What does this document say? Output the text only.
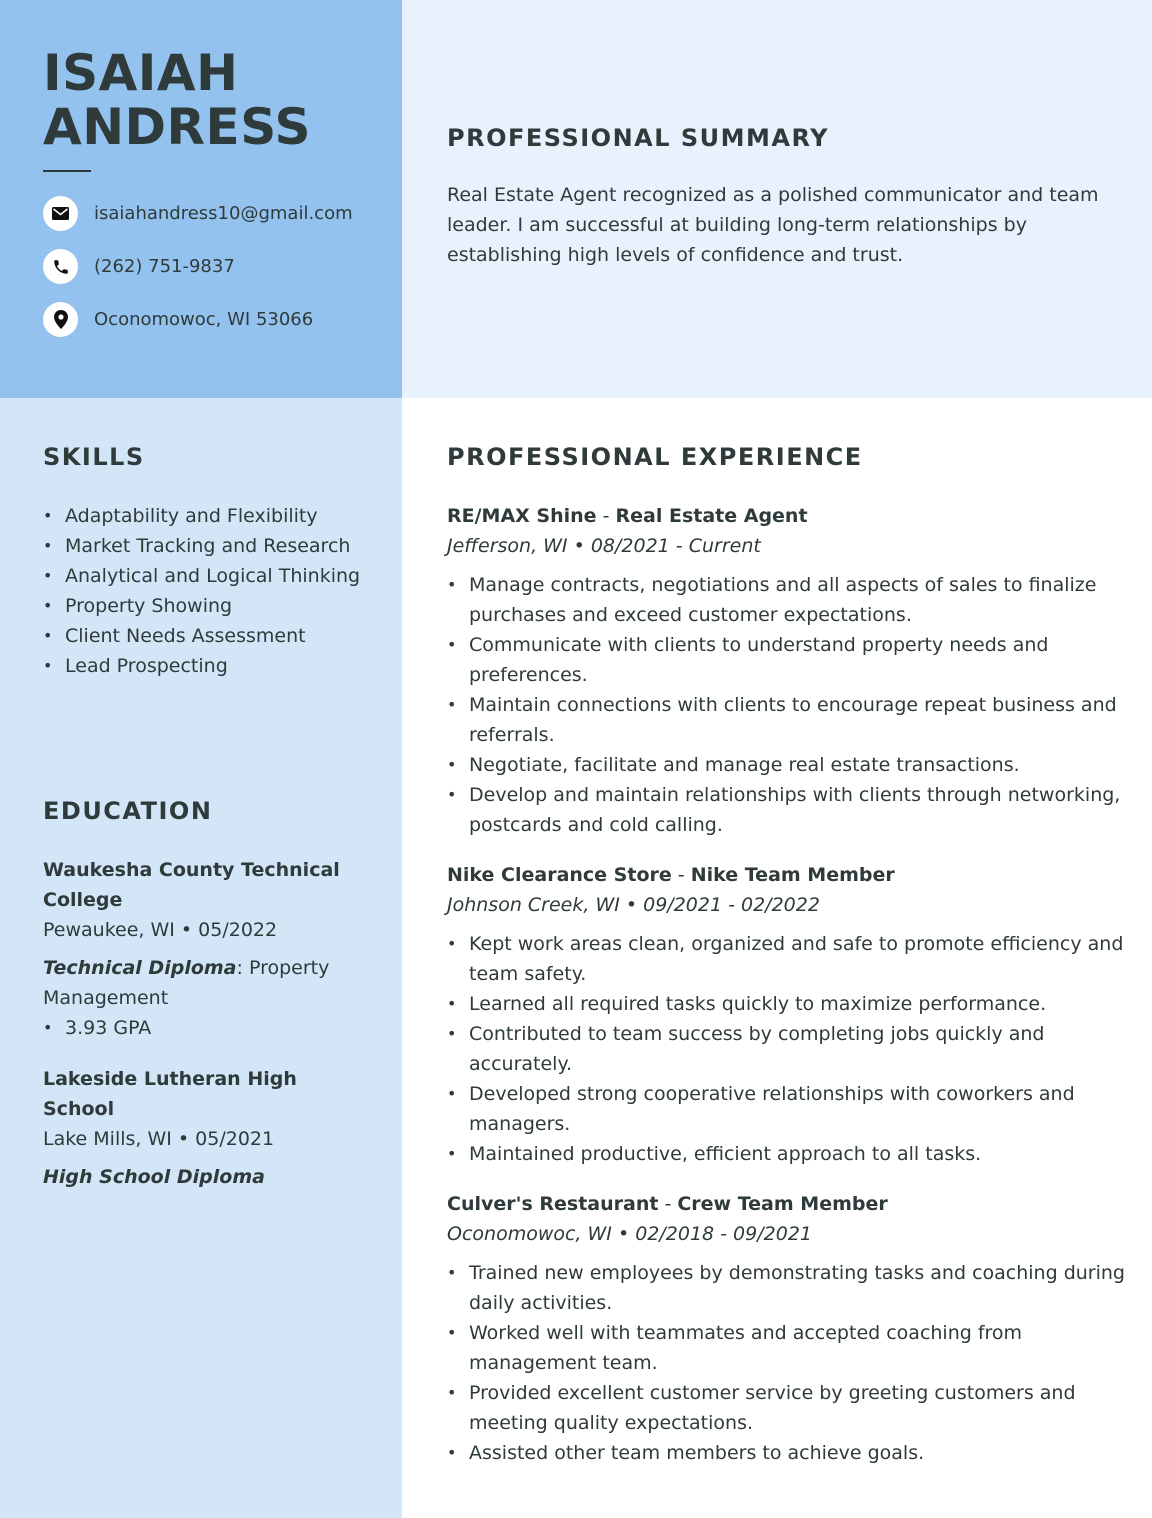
ISAIAH
ANDRESS
isaiahandress10@gmail.com
(262) 751-9837
Oconomowoc, WI 53066
PROFESSIONAL SUMMARY

Real Estate Agent recognized as a polished communicator and team leader. I am successful at building long-term relationships by establishing high levels of confidence and trust.

SKILLS
• Adaptability and Flexibility
• Market Tracking and Research
• Analytical and Logical Thinking
• Property Showing
• Client Needs Assessment
• Lead Prospecting
EDUCATION
Waukesha County Technical College
Pewaukee, WI • 05/2022
Technical Diploma: Property Management
• 3.93 GPA
Lakeside Lutheran High School
Lake Mills, WI • 05/2021
High School Diploma
PROFESSIONAL EXPERIENCE
RE/MAX Shine - Real Estate Agent
Jefferson, WI • 08/2021 - Current
• Manage contracts, negotiations and all aspects of sales to finalize purchases and exceed customer expectations.
• Communicate with clients to understand property needs and preferences.
• Maintain connections with clients to encourage repeat business and referrals.
• Negotiate, facilitate and manage real estate transactions.
• Develop and maintain relationships with clients through networking, postcards and cold calling.
Nike Clearance Store - Nike Team Member
Johnson Creek, WI • 09/2021 - 02/2022
• Kept work areas clean, organized and safe to promote efficiency and team safety.
• Learned all required tasks quickly to maximize performance.
• Contributed to team success by completing jobs quickly and accurately.
• Developed strong cooperative relationships with coworkers and managers.
• Maintained productive, efficient approach to all tasks.
Culver's Restaurant - Crew Team Member
Oconomowoc, WI • 02/2018 - 09/2021
• Trained new employees by demonstrating tasks and coaching during daily activities.
• Worked well with teammates and accepted coaching from management team.
• Provided excellent customer service by greeting customers and meeting quality expectations.
• Assisted other team members to achieve goals.
